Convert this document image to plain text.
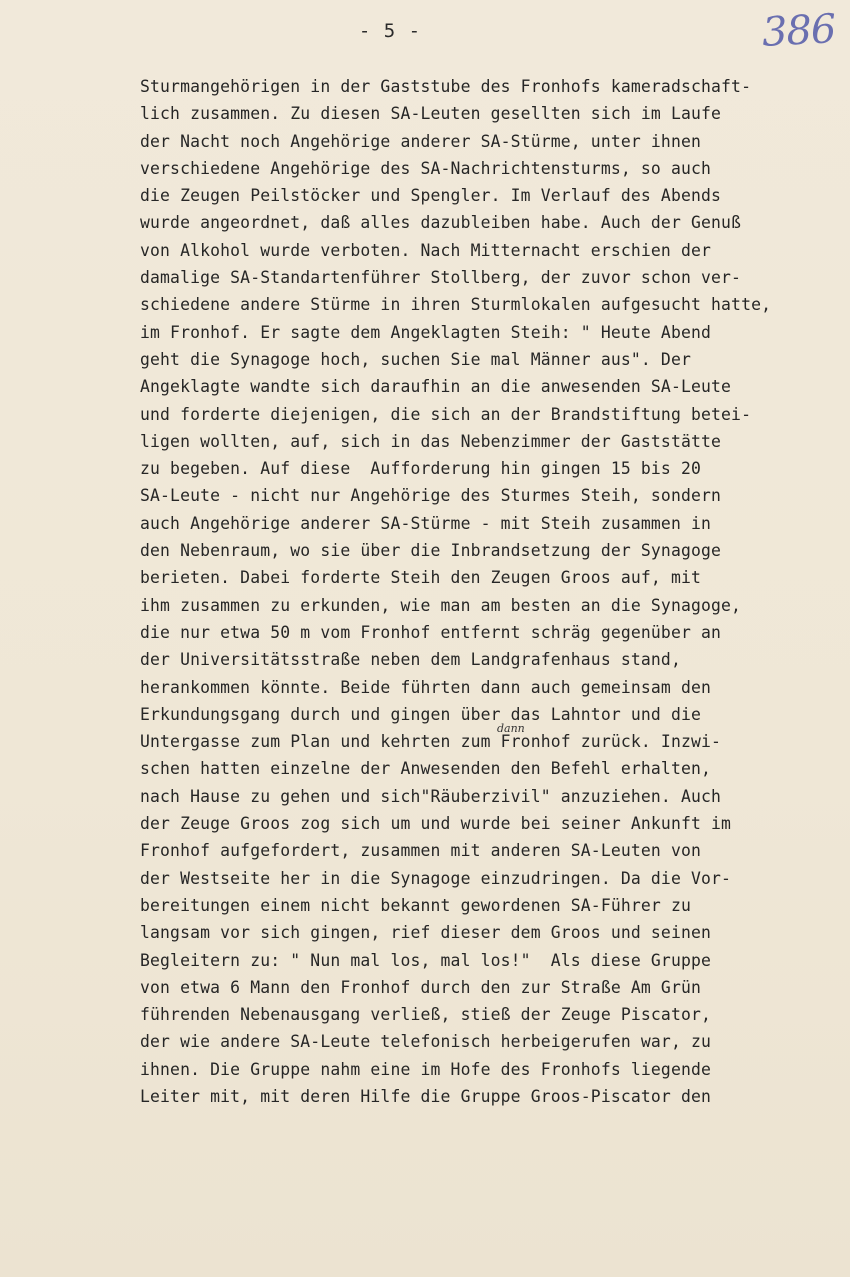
- 5 -	386
dann
Sturmangehörigen in der Gaststube des Fronhofs kameradschaft-
lich zusammen. Zu diesen SA-Leuten gesellten sich im Laufe
der Nacht noch Angehörige anderer SA-Stürme, unter ihnen
verschiedene Angehörige des SA-Nachrichtensturms, so auch
die Zeugen Peilstöcker und Spengler. Im Verlauf des Abends
wurde angeordnet, daß alles dazubleiben habe. Auch der Genuß
von Alkohol wurde verboten. Nach Mitternacht erschien der
damalige SA-Standartenführer Stollberg, der zuvor schon ver-
schiedene andere Stürme in ihren Sturmlokalen aufgesucht hatte,
im Fronhof. Er sagte dem Angeklagten Steih: " Heute Abend
geht die Synagoge hoch, suchen Sie mal Männer aus". Der
Angeklagte wandte sich daraufhin an die anwesenden SA-Leute
und forderte diejenigen, die sich an der Brandstiftung betei-
ligen wollten, auf, sich in das Nebenzimmer der Gaststätte
zu begeben. Auf diese  Aufforderung hin gingen 15 bis 20
SA-Leute - nicht nur Angehörige des Sturmes Steih, sondern
auch Angehörige anderer SA-Stürme - mit Steih zusammen in
den Nebenraum, wo sie über die Inbrandsetzung der Synagoge
berieten. Dabei forderte Steih den Zeugen Groos auf, mit
ihm zusammen zu erkunden, wie man am besten an die Synagoge,
die nur etwa 50 m vom Fronhof entfernt schräg gegenüber an
der Universitätsstraße neben dem Landgrafenhaus stand,
herankommen könnte. Beide führten dann auch gemeinsam den
Erkundungsgang durch und gingen über das Lahntor und die
Untergasse zum Plan und kehrten zum Fronhof zurück. Inzwi-
schen hatten einzelne der Anwesenden den Befehl erhalten,
nach Hause zu gehen und sich"Räuberzivil" anzuziehen. Auch
der Zeuge Groos zog sich um und wurde bei seiner Ankunft im
Fronhof aufgefordert, zusammen mit anderen SA-Leuten von
der Westseite her in die Synagoge einzudringen. Da die Vor-
bereitungen einem nicht bekannt gewordenen SA-Führer zu
langsam vor sich gingen, rief dieser dem Groos und seinen
Begleitern zu: " Nun mal los, mal los!"  Als diese Gruppe
von etwa 6 Mann den Fronhof durch den zur Straße Am Grün
führenden Nebenausgang verließ, stieß der Zeuge Piscator,
der wie andere SA-Leute telefonisch herbeigerufen war, zu
ihnen. Die Gruppe nahm eine im Hofe des Fronhofs liegende
Leiter mit, mit deren Hilfe die Gruppe Groos-Piscator den
